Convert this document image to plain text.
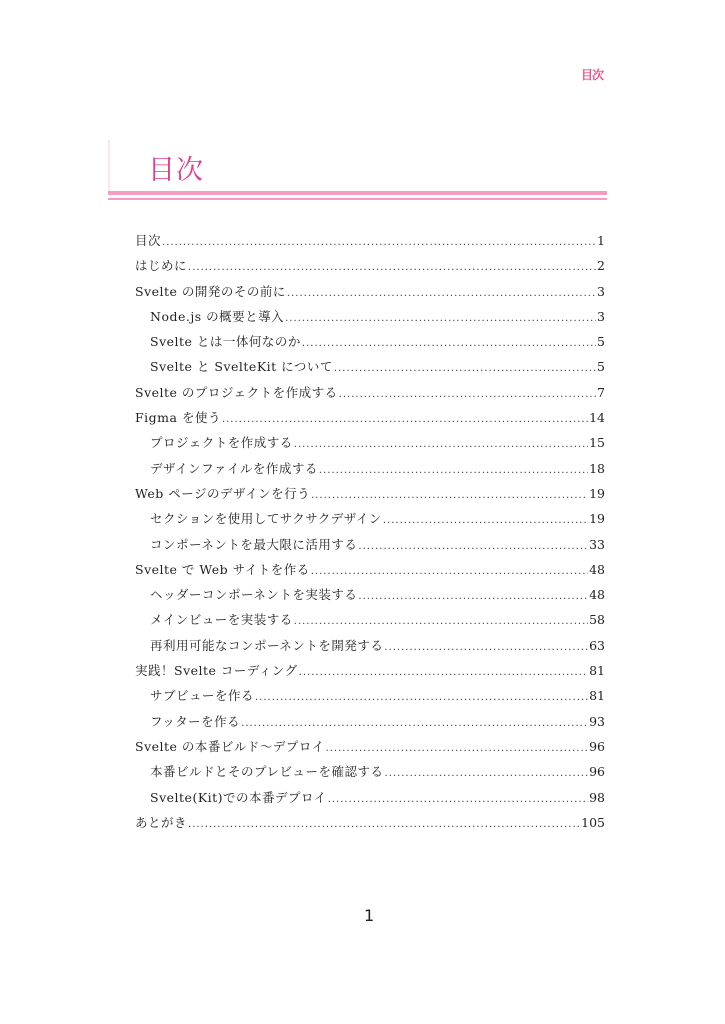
目次
目次
目次 .....	1
はじめに .....	2
Svelte の開発のその前に .....	3
Node.js の概要と導入 .....	3
Svelte とは一体何なのか .....	5
Svelte と SvelteKit について .....	5
Svelte のプロジェクトを作成する .....	7
Figma を使う .....	14
プロジェクトを作成する .....	15
デザインファイルを作成する .....	18
Web ページのデザインを行う .....	19
セクションを使用してサクサクデザイン .....	19
コンポーネントを最大限に活用する .....	33
Svelte で Web サイトを作る .....	48
ヘッダーコンポーネントを実装する .....	48
メインビューを実装する .....	58
再利用可能なコンポーネントを開発する .....	63
実践！Svelte コーディング .....	81
サブビューを作る .....	81
フッターを作る .....	93
Svelte の本番ビルド〜デプロイ .....	96
本番ビルドとそのプレビューを確認する .....	96
Svelte(Kit)での本番デプロイ .....	98
あとがき .....	105
1
